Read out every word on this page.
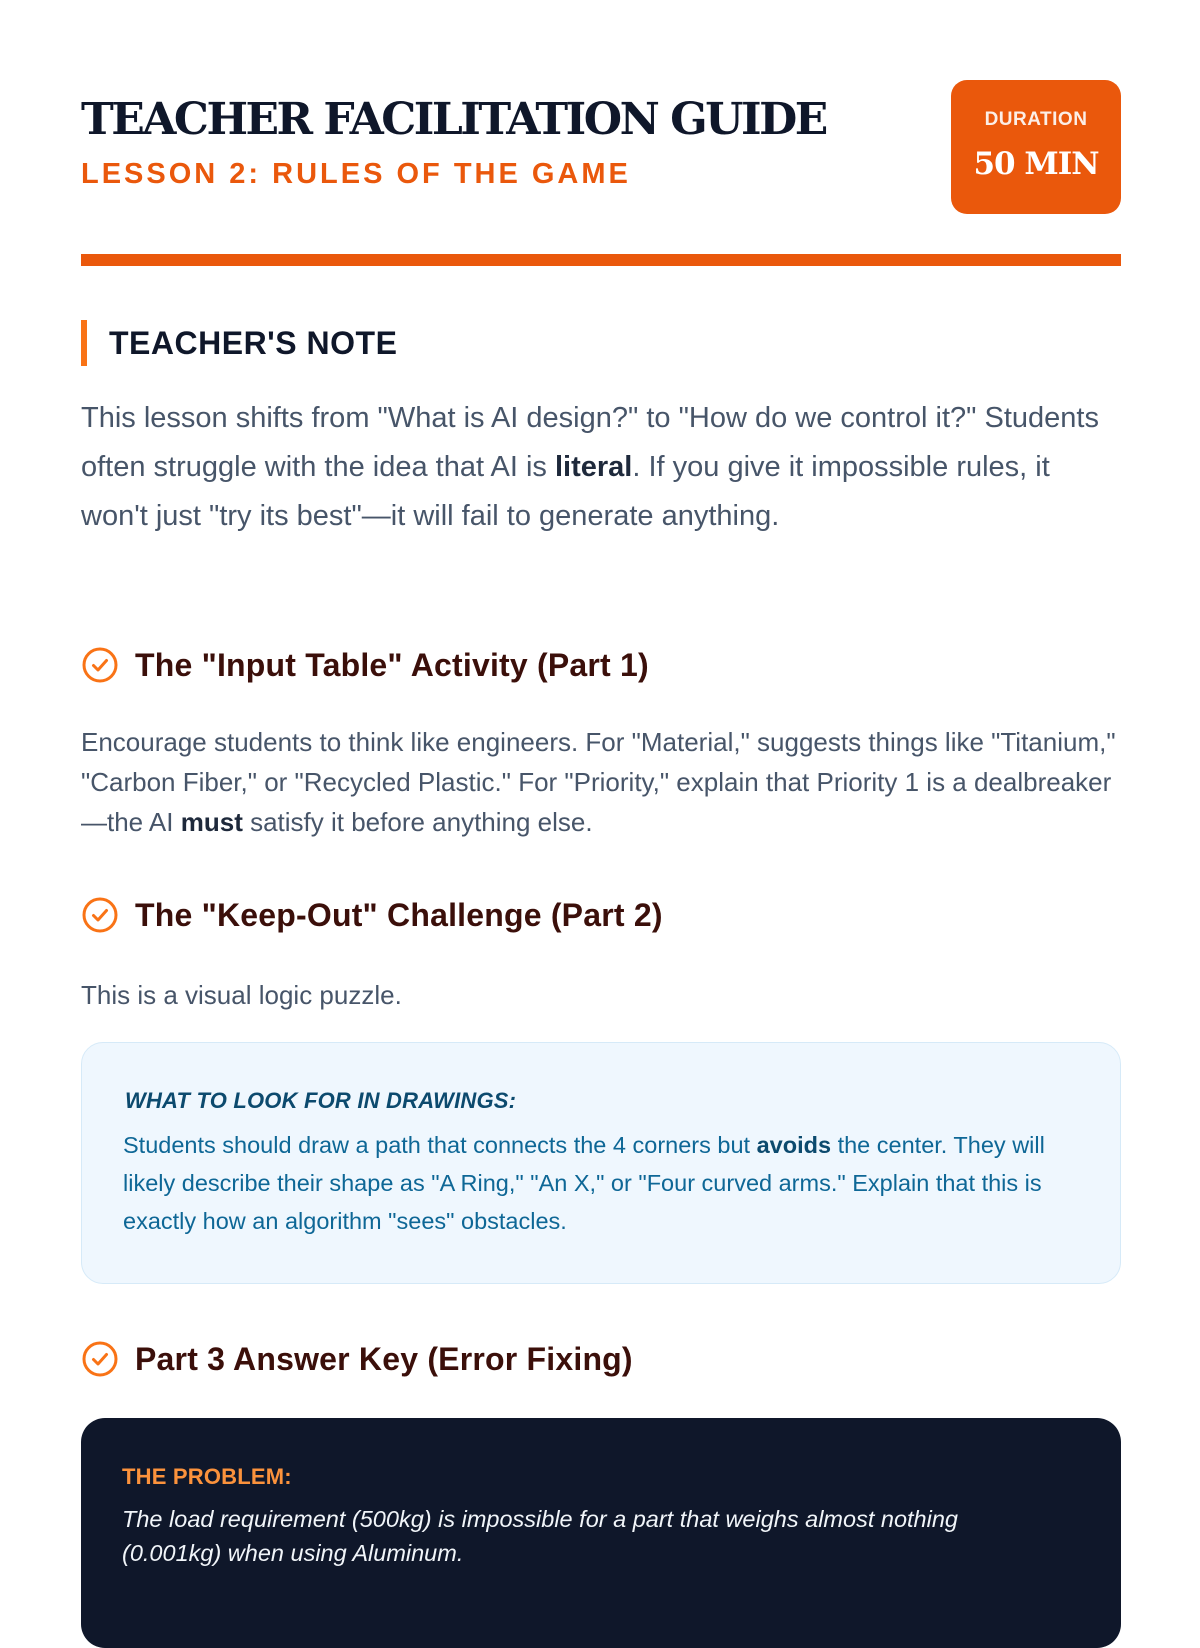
TEACHER FACILITATION GUIDE
LESSON 2: RULES OF THE GAME
DURATION
50 MIN
TEACHER'S NOTE

This lesson shifts from "What is AI design?" to "How do we control it?" Students often struggle with the idea that AI is literal. If you give it impossible rules, it won't just "try its best"—it will fail to generate anything.

The "Input Table" Activity (Part 1)

Encourage students to think like engineers. For "Material," suggests things like "Titanium," "Carbon Fiber," or "Recycled Plastic." For "Priority," explain that Priority 1 is a dealbreaker—the AI must satisfy it before anything else.

The "Keep-Out" Challenge (Part 2)

This is a visual logic puzzle.

WHAT TO LOOK FOR IN DRAWINGS:

Students should draw a path that connects the 4 corners but avoids the center. They will likely describe their shape as "A Ring," "An X," or "Four curved arms." Explain that this is exactly how an algorithm "sees" obstacles.

Part 3 Answer Key (Error Fixing)
THE PROBLEM:

The load requirement (500kg) is impossible for a part that weighs almost nothing (0.001kg) when using Aluminum.
